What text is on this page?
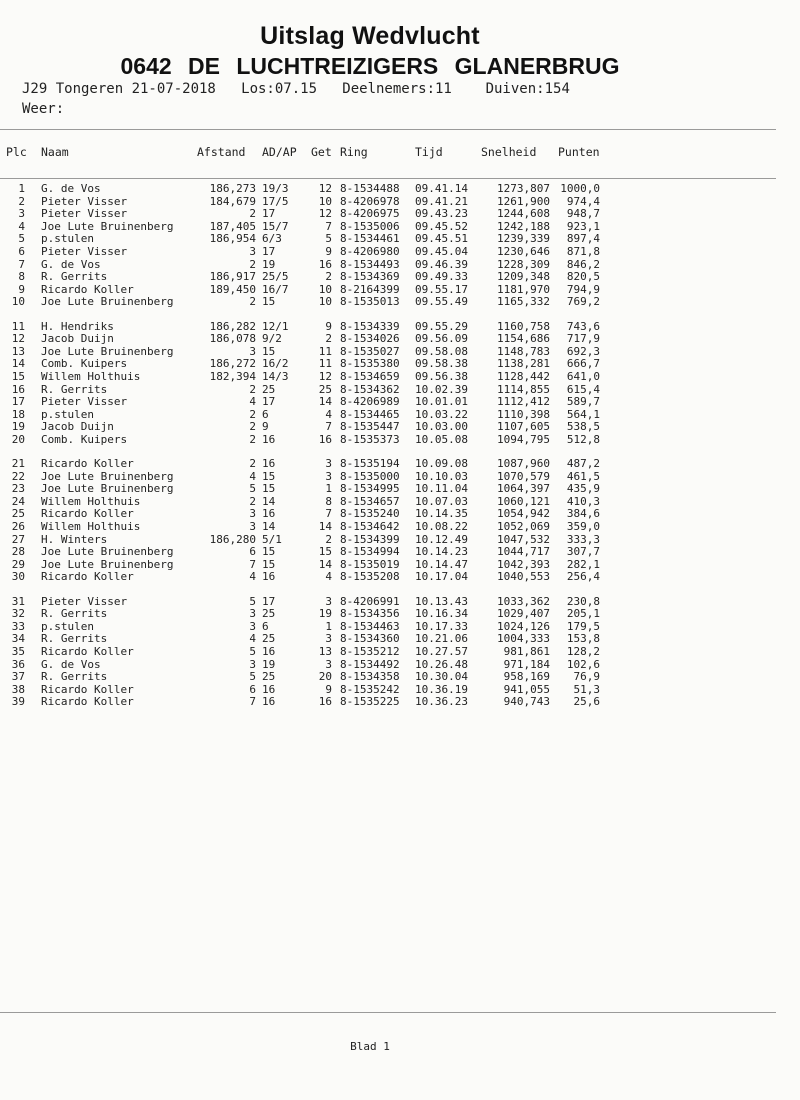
Uitslag Wedvlucht
0642 DE LUCHTREIZIGERS GLANERBRUG
J29 Tongeren 21-07-2018   Los:07.15   Deelnemers:11    Duiven:154
Weer:
Plc Naam	Afstand AD/AP	Get Ring	Tijd	Snelheid Punten
1 G. de Vos	186,273 19/3	12 8-1534488 09.41.14	1273,807 1000,0
2 Pieter Visser	184,679 17/5	10 8-4206978 09.41.21	1261,900	974,4
3 Pieter Visser	2 17	12 8-4206975 09.43.23	1244,608	948,7
4 Joe Lute Bruinenberg	187,405 15/7	7 8-1535006 09.45.52	1242,188	923,1
5 p.stulen	186,954 6/3	5 8-1534461 09.45.51	1239,339	897,4
6 Pieter Visser	3 17	9 8-4206980 09.45.04	1230,646	871,8
7 G. de Vos	2 19	16 8-1534493 09.46.39	1228,309	846,2
8 R. Gerrits	186,917 25/5	2 8-1534369 09.49.33	1209,348	820,5
9 Ricardo Koller	189,450 16/7	10 8-2164399 09.55.17	1181,970	794,9
10 Joe Lute Bruinenberg	2 15	10 8-1535013 09.55.49	1165,332	769,2
11 H. Hendriks	186,282 12/1	9 8-1534339 09.55.29	1160,758	743,6
12 Jacob Duijn	186,078 9/2	2 8-1534026 09.56.09	1154,686	717,9
13 Joe Lute Bruinenberg	3 15	11 8-1535027 09.58.08	1148,783	692,3
14 Comb. Kuipers	186,272 16/2	11 8-1535380 09.58.38	1138,281	666,7
15 Willem Holthuis	182,394 14/3	12 8-1534659 09.56.38	1128,442	641,0
16 R. Gerrits	2 25	25 8-1534362 10.02.39	1114,855	615,4
17 Pieter Visser	4 17	14 8-4206989 10.01.01	1112,412	589,7
18 p.stulen	2 6	4 8-1534465 10.03.22	1110,398	564,1
19 Jacob Duijn	2 9	7 8-1535447 10.03.00	1107,605	538,5
20 Comb. Kuipers	2 16	16 8-1535373 10.05.08	1094,795	512,8
21 Ricardo Koller	2 16	3 8-1535194 10.09.08	1087,960	487,2
22 Joe Lute Bruinenberg	4 15	3 8-1535000 10.10.03	1070,579	461,5
23 Joe Lute Bruinenberg	5 15	1 8-1534995 10.11.04	1064,397	435,9
24 Willem Holthuis	2 14	8 8-1534657 10.07.03	1060,121	410,3
25 Ricardo Koller	3 16	7 8-1535240 10.14.35	1054,942	384,6
26 Willem Holthuis	3 14	14 8-1534642 10.08.22	1052,069	359,0
27 H. Winters	186,280 5/1	2 8-1534399 10.12.49	1047,532	333,3
28 Joe Lute Bruinenberg	6 15	15 8-1534994 10.14.23	1044,717	307,7
29 Joe Lute Bruinenberg	7 15	14 8-1535019 10.14.47	1042,393	282,1
30 Ricardo Koller	4 16	4 8-1535208 10.17.04	1040,553	256,4
31 Pieter Visser	5 17	3 8-4206991 10.13.43	1033,362	230,8
32 R. Gerrits	3 25	19 8-1534356 10.16.34	1029,407	205,1
33 p.stulen	3 6	1 8-1534463 10.17.33	1024,126	179,5
34 R. Gerrits	4 25	3 8-1534360 10.21.06	1004,333	153,8
35 Ricardo Koller	5 16	13 8-1535212 10.27.57	981,861	128,2
36 G. de Vos	3 19	3 8-1534492 10.26.48	971,184	102,6
37 R. Gerrits	5 25	20 8-1534358 10.30.04	958,169	76,9
38 Ricardo Koller	6 16	9 8-1535242 10.36.19	941,055	51,3
39 Ricardo Koller	7 16	16 8-1535225 10.36.23	940,743	25,6
Blad 1
